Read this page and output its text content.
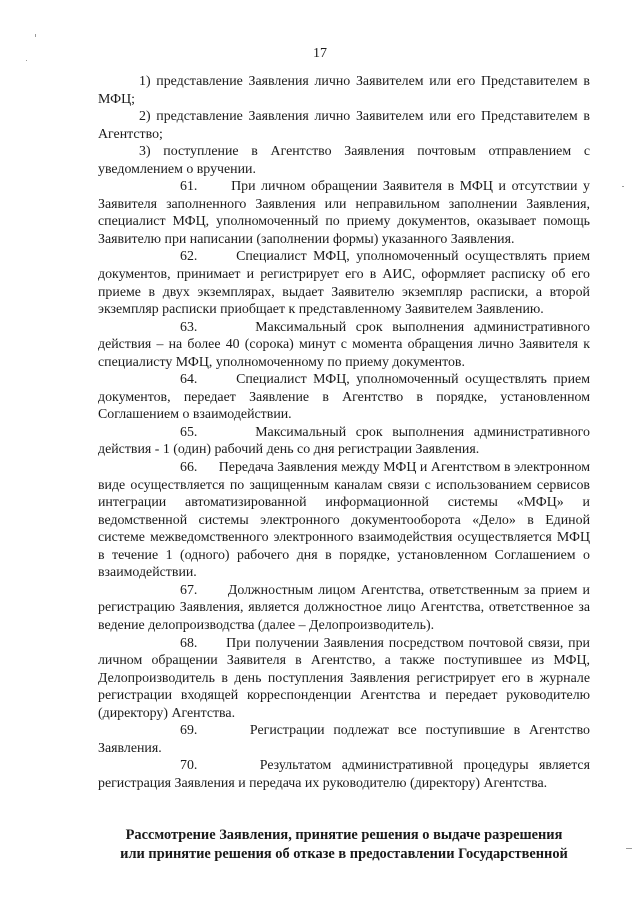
17

1) представление Заявления лично Заявителем или его Представителем в МФЦ;

2) представление Заявления лично Заявителем или его Представителем в Агентство;

3) поступление в Агентство Заявления почтовым отправлением с уведомлением о вручении.

61. При личном обращении Заявителя в МФЦ и отсутствии у Заявителя заполненного Заявления или неправильном заполнении Заявления, специалист МФЦ, уполномоченный по приему документов, оказывает помощь Заявителю при написании (заполнении формы) указанного Заявления.

62.	Специалист МФЦ, уполномоченный осуществлять прием документов, принимает и регистрирует его в АИС, оформляет расписку об его приеме в двух экземплярах, выдает Заявителю экземпляр расписки, а второй экземпляр расписки приобщает к представленному Заявителем Заявлению.

63.	Максимальный срок выполнения административного действия – на более 40 (сорока) минут с момента обращения лично Заявителя к специалисту МФЦ, уполномоченному по приему документов.

64.	Специалист МФЦ, уполномоченный осуществлять прием документов, передает Заявление в Агентство в порядке, установленном Соглашением о взаимодействии.

65.	Максимальный срок выполнения административного действия - 1 (один) рабочий день со дня регистрации Заявления.

66. Передача Заявления между МФЦ и Агентством в электронном виде осуществляется по защищенным каналам связи с использованием сервисов интеграции автоматизированной информационной системы «МФЦ» и ведомственной системы электронного документооборота «Дело» в Единой системе межведомственного электронного взаимодействия осуществляется МФЦ в течение 1 (одного) рабочего дня в порядке, установленном Соглашением о взаимодействии.

67. Должностным лицом Агентства, ответственным за прием и регистрацию Заявления, является должностное лицо Агентства, ответственное за ведение делопроизводства (далее – Делопроизводитель).

68. При получении Заявления посредством почтовой связи, при личном обращении Заявителя в Агентство, а также поступившее из МФЦ, Делопроизводитель в день поступления Заявления регистрирует его в журнале регистрации входящей корреспонденции Агентства и передает руководителю (директору) Агентства.

69.	Регистрации подлежат все поступившие в Агентство Заявления.

70.	Результатом административной процедуры является регистрация Заявления и передача их руководителю (директору) Агентства.

Рассмотрение Заявления, принятие решения о выдаче разрешения
или принятие решения об отказе в предоставлении Государственной
